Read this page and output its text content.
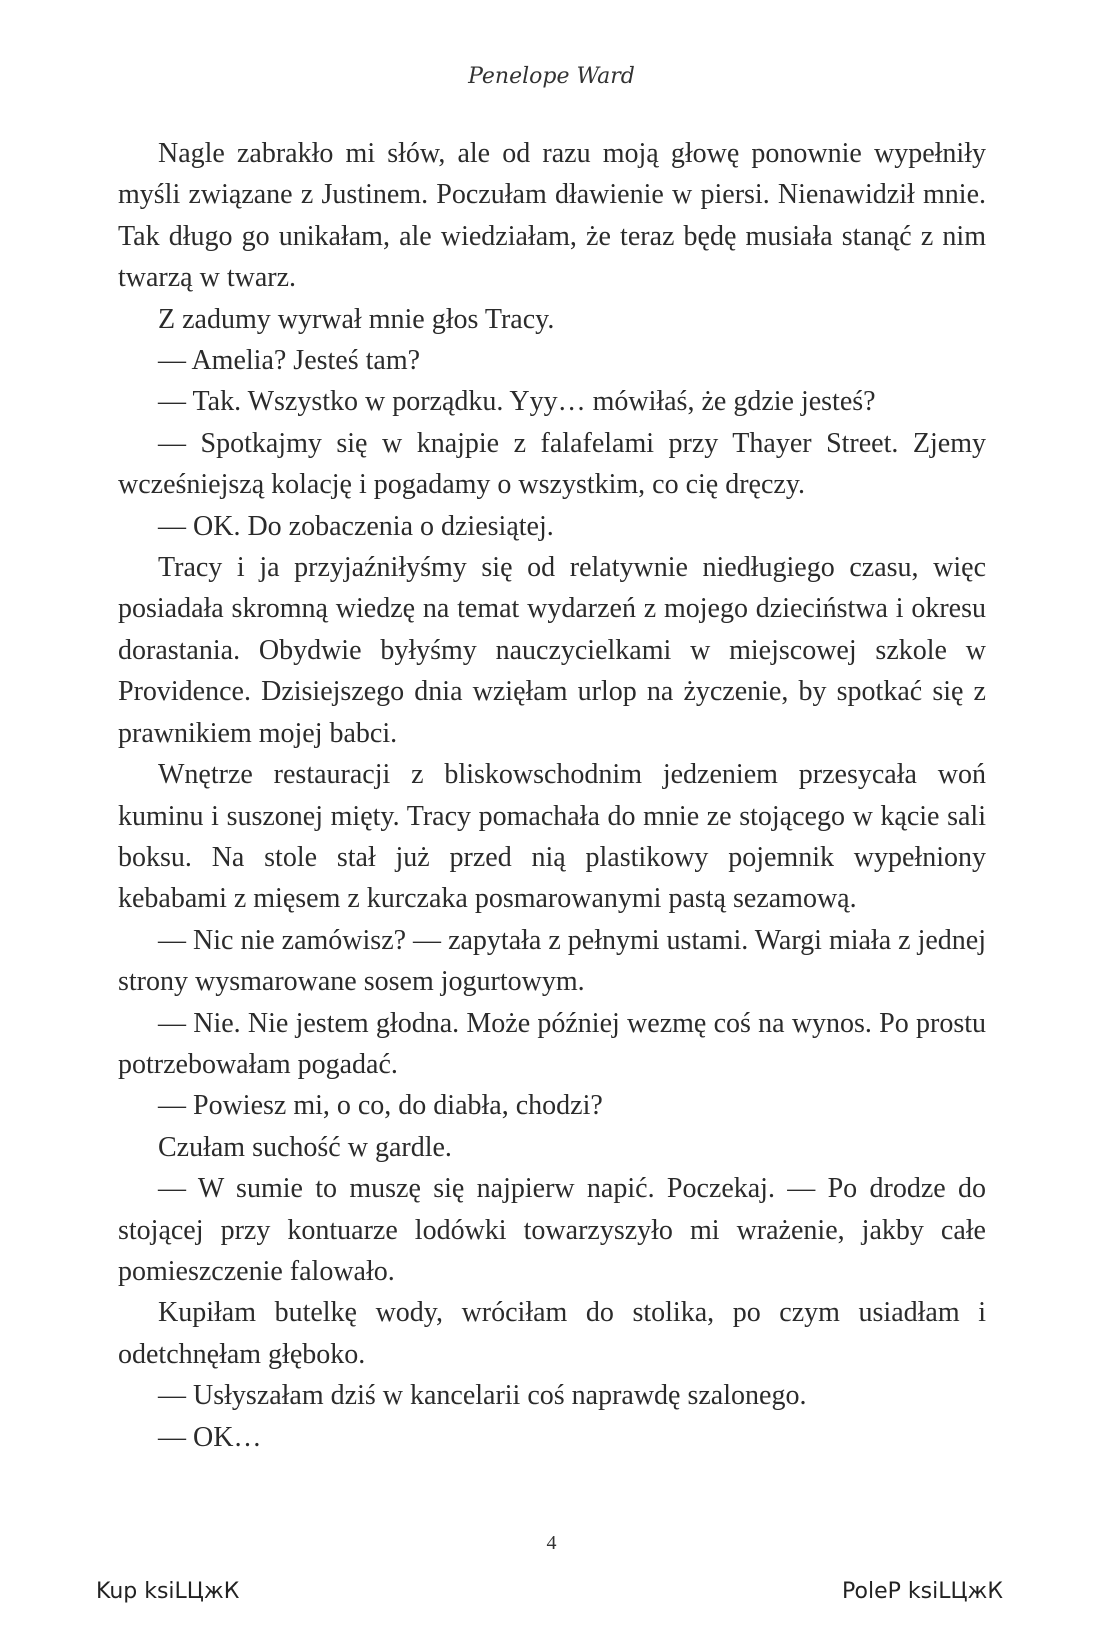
Penelope Ward

Nagle zabrakło mi słów, ale od razu moją głowę ponownie wypełniły myśli związane z Justinem. Poczułam dławienie w piersi. Nienawidził mnie. Tak długo go unikałam, ale wiedziałam, że teraz będę musiała stanąć z nim twarzą w twarz.

Z zadumy wyrwał mnie głos Tracy.

— Amelia? Jesteś tam?

— Tak. Wszystko w porządku. Yyy… mówiłaś, że gdzie jesteś?

— Spotkajmy się w knajpie z falafelami przy Thayer Street. Zjemy wcześniejszą kolację i pogadamy o wszystkim, co cię dręczy.

— OK. Do zobaczenia o dziesiątej.

Tracy i ja przyjaźniłyśmy się od relatywnie niedługiego czasu, więc posiadała skromną wiedzę na temat wydarzeń z mojego dzieciństwa i okresu dorastania. Obydwie byłyśmy nauczycielkami w miejscowej szkole w Providence. Dzisiejszego dnia wzięłam urlop na życzenie, by spotkać się z prawnikiem mojej babci.

Wnętrze restauracji z bliskowschodnim jedzeniem przesycała woń kuminu i suszonej mięty. Tracy pomachała do mnie ze stojącego w kącie sali boksu. Na stole stał już przed nią plastikowy pojemnik wypełniony kebabami z mięsem z kurczaka posmarowanymi pastą sezamową.

— Nic nie zamówisz? — zapytała z pełnymi ustami. Wargi miała z jednej strony wysmarowane sosem jogurtowym.

— Nie. Nie jestem głodna. Może później wezmę coś na wynos. Po prostu potrzebowałam pogadać.

— Powiesz mi, o co, do diabła, chodzi?

Czułam suchość w gardle.

— W sumie to muszę się najpierw napić. Poczekaj. — Po drodze do stojącej przy kontuarze lodówki towarzyszyło mi wrażenie, jakby całe pomieszczenie falowało.

Kupiłam butelkę wody, wróciłam do stolika, po czym usiadłam i odetchnęłam głęboko.

— Usłyszałam dziś w kancelarii coś naprawdę szalonego.

— OK…

4
Kup ksiLЦжК	PoleP ksiLЦжК
